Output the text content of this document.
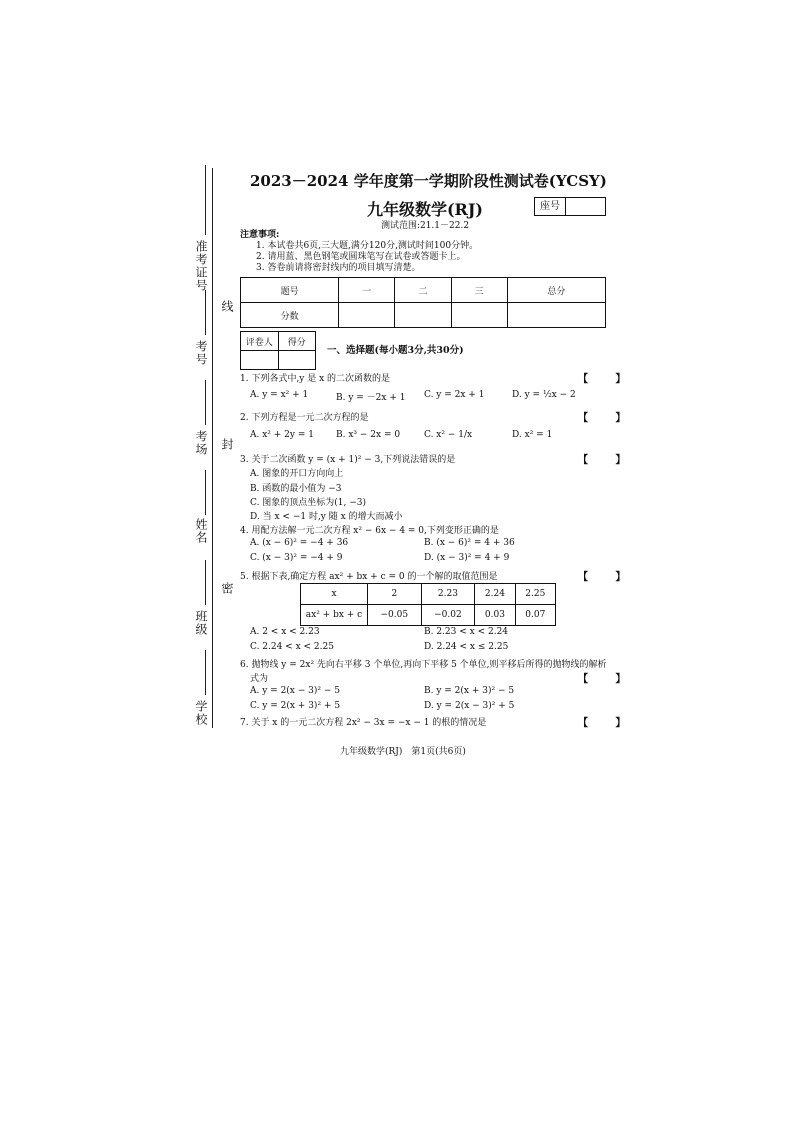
准考证号
考号
考场
姓名
班级
学校
线
封
密
2023－2024 学年度第一学期阶段性测试卷(YCSY)
九年级数学(RJ)
测试范围:21.1－22.2
座号
注意事项:
1. 本试卷共6页,三大题,满分120分,测试时间100分钟。
2. 请用蓝、黑色钢笔或圆珠笔写在试卷或答题卡上。
3. 答卷前请将密封线内的项目填写清楚。
题号	一	二	三	总分
分数				
评卷人	得分

一、选择题(每小题3分,共30分)
1. 下列各式中,y 是 x 的二次函数的是	【 】
A. y = x² + 1	B. y = －2x + 1 C. y = 2x + 1	D. y = ½x − 2
2. 下列方程是一元二次方程的是	【 】
A. x² + 2y = 1 B. x³ − 2x = 0	C. x² − 1/x	D. x² = 1
3. 关于二次函数 y = (x + 1)² − 3,下列说法错误的是	【 】
A. 图象的开口方向向上
B. 函数的最小值为 −3
C. 图象的顶点坐标为(1, −3)
D. 当 x < −1 时,y 随 x 的增大而减小
4. 用配方法解一元二次方程 x² − 6x − 4 = 0,下列变形正确的是
A. (x − 6)² = −4 + 36	B. (x − 6)² = 4 + 36
C. (x − 3)² = −4 + 9	D. (x − 3)² = 4 + 9
5. 根据下表,确定方程 ax² + bx + c = 0 的一个解的取值范围是	【 】
x	2	2.23	2.24	2.25
ax² + bx + c	−0.05	−0.02	0.03	0.07
A. 2 < x < 2.23	B. 2.23 < x < 2.24
C. 2.24 < x < 2.25	D. 2.24 < x ≤ 2.25
6. 抛物线 y = 2x² 先向右平移 3 个单位,再向下平移 5 个单位,则平移后所得的抛物线的解析
式为	【 】
A. y = 2(x − 3)² − 5	B. y = 2(x + 3)² − 5
C. y = 2(x + 3)² + 5	D. y = 2(x − 3)² + 5
7. 关于 x 的一元二次方程 2x² − 3x = −x − 1 的根的情况是	【 】
九年级数学(RJ)　第1页(共6页)
